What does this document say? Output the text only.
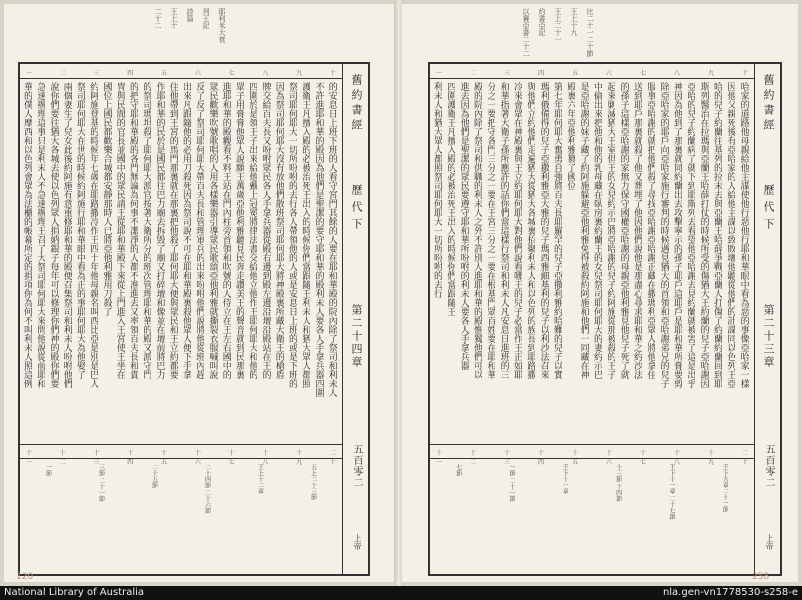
耶利米大衰
列王記
詩篇
王上十
二十二
舊約書經
歷代下
第二十四章
五百零二
上帝
十
九
八
七
六
五
四
三
二
一
二十
十九
十八
十七
十六
十五
十四
十三
十二
十一
的安息日上班下班的人看守宮門其餘的人要在耶和華殿的院內除了祭司和利未人
不許進耶和華的殿因為他們是聖潔的要守耶和華的殿利未人要各人手拿兵器四圍
護衛王凡擅入殿的必被治死王出入的時候你們當跟隨王利未人和猶大眾人都照
祭司耶何耶大一切所吩咐的去行各人帶領他的人或是安息日上班的或是下班的
因為祭司耶何耶大沒有放他們散班祭司耶何耶大將神殿裏所藏大衛王的槍盾
牌交給百夫長又吩咐眾民各人手拿兵器從殿右邊到殿左邊沿壇沿殿站在王的
四圍於是領王子出來給他戴上冠冕將律法書交給他立他作王耶何耶大和他的
眾子用膏膏他眾人說願王萬歲亞他利雅聽見民奔走讚美王的聲音就到民那裏
進耶和華的殿觀看不料王站在門內柱旁首領和吹號的人侍立在王左右國中的
眾民歡樂吹號歌唱的人用各樣樂器引導眾民歌頌亞他利雅就撕裂衣服喊叫說
反了反了祭司耶何耶大帶百夫長和管理軍兵的出來吩咐他們說將他從班內趕
出來凡跟隨他的必用刀殺死因為祭司說不可在耶和華殿裏殺他眾人便下手拿
住他帶到王宮的馬門那裏就在那裏把他殺了耶何耶大便與眾民和王立約都要
作耶和華的民於是國民都往巴力廟去拆毀了廟又打碎壇和像並在壇前將巴力
的祭司瑪坦殺了耶何耶大派官按著大衛所分的班次管理耶和華的殿又派守門
的把守耶和華殿的各門無論為何事不潔淨的人都不准進去又率領百夫長和貴
冑與民間的官長並國中的眾民請王從耶和華殿下來從上門進入王宮使王坐在
國位上國民都歡樂合城都安靜那時人已將亞他利雅用刀殺了
約阿施登基的時候年七歲在耶路撒冷作王四十年他母親名叫西比亞是別是巴人
祭司耶何耶大在世的時候約阿施行耶和華眼中看為正的事耶何耶大為他娶了
兩個妻生了兒女此後約阿施有意重修耶和華的殿便召集祭司和利未人吩咐他們
說你們要往猶大各城去使以色列眾人捐納銀子每年可以修理你們神的殿你們要
急速辦理這事只是利未人不急速辦理王召了大祭司耶何耶大來問他說從前耶和
華的僕人摩西和以色列會眾為法櫃的帳幕所定的捐項你為何不叫利未人照這例
五上二十三節
王上十二章
二十四節 二十六節
二十五節
三節 二十一節
一節
120
比二十一二十節
王上十九
王上二十一
約書亞記
以賽亞書二十二
舊約書經
歷代下
第二十三章
五百零二
上帝
十
九
八
七
六
五
四
三
二
一
二十
十九
十八
十七
十六
十五
十四
十三
十二
十一
哈家的道路他母親給他主謀使他行惡他行耶和華眼中看為惡的事像亞哈家一樣
因他父親死後有亞哈家的人給他主謀以致敗壞他聽從他們的計謀同以色列王亞
哈的兒子約蘭往基列的拉末去與亞蘭王哈薛爭戰亞蘭人打傷了約蘭約蘭回到耶
斯列醫治在拉瑪與亞蘭王哈薛打仗的時候所受的傷猶大王約蘭的兒子亞哈謝因
亞哈的兒子約蘭病了就下到耶斯列去看望他亞哈謝去見約蘭就被害了這是出乎
神因為他到了那裏就同約蘭出去攻擊寧示的孫子耶戶這耶戶是耶和華所膏要剪
除亞哈家的耶戶向亞哈家施行審判的時候遇見猶大的首領和亞哈謝弟兄的兒子
服事亞哈謝的就把他們殺了尋找亞哈謝亞哈謝正藏在撒瑪利亞眾人將他拿住
送到耶戶那裏就殺了他又葬埋了他因他們說他是那盡心尋求耶和華之約沙法
的孫子這樣亞哈謝的家無力保守國權亞哈謝的母親亞他利雅見他兒子死了就
起來剿滅猶大王室但王的女兒約示巴將亞哈謝的兒子約阿施從那被殺的王子
中偷出來把他和他的乳母藏在臥房裏約蘭王的女兒祭司耶何耶大的妻約示巴
是亞哈謝的妹子藏了約阿施躲避亞他利雅免得被殺約阿施和他們一同藏在神
殿裏六年亞他利雅篡了國位
第七年耶何耶大奮勇自強將百夫長耶羅罕的兒子亞撒利雅約哈難的兒子以實
瑪利俄備得的兒子亞撒利雅亞大雅的兒子瑪西雅細基利的兒子以利沙法召來
與他們立約他們走遍猶大從猶大各城裏招聚利未人和以色列的族長到耶路撒
冷來會眾在神殿裏與王立約耶何耶大對他們說看哪王的兒子必當作王正如耶
和華指著大衛子孫所應許的話你們當這樣行祭司和利未人凡安息日進班的三
分之一要把守各門三分之一要在王宮三分之一要在根基門眾百姓要在耶和華
殿的院內除了祭司和供職的利未人之外不許別人進耶和華的殿惟獨他們可以
進去因為他們是聖潔的眾民要遵守耶和華所吩咐的利未人要各人手拿兵器
四圍護衛王凡擅入殿的必被治死王出入的時候你們當跟隨王
利未人和猶大眾人都照祭司耶何耶大一切所吩咐的去行
王下九章二十一節
王下十一章 二十七節
十三節 十四節
王下十一章
一節 二十一節
七節
258
National Library of Australia	nla.gen-vn1778530-s258-e
